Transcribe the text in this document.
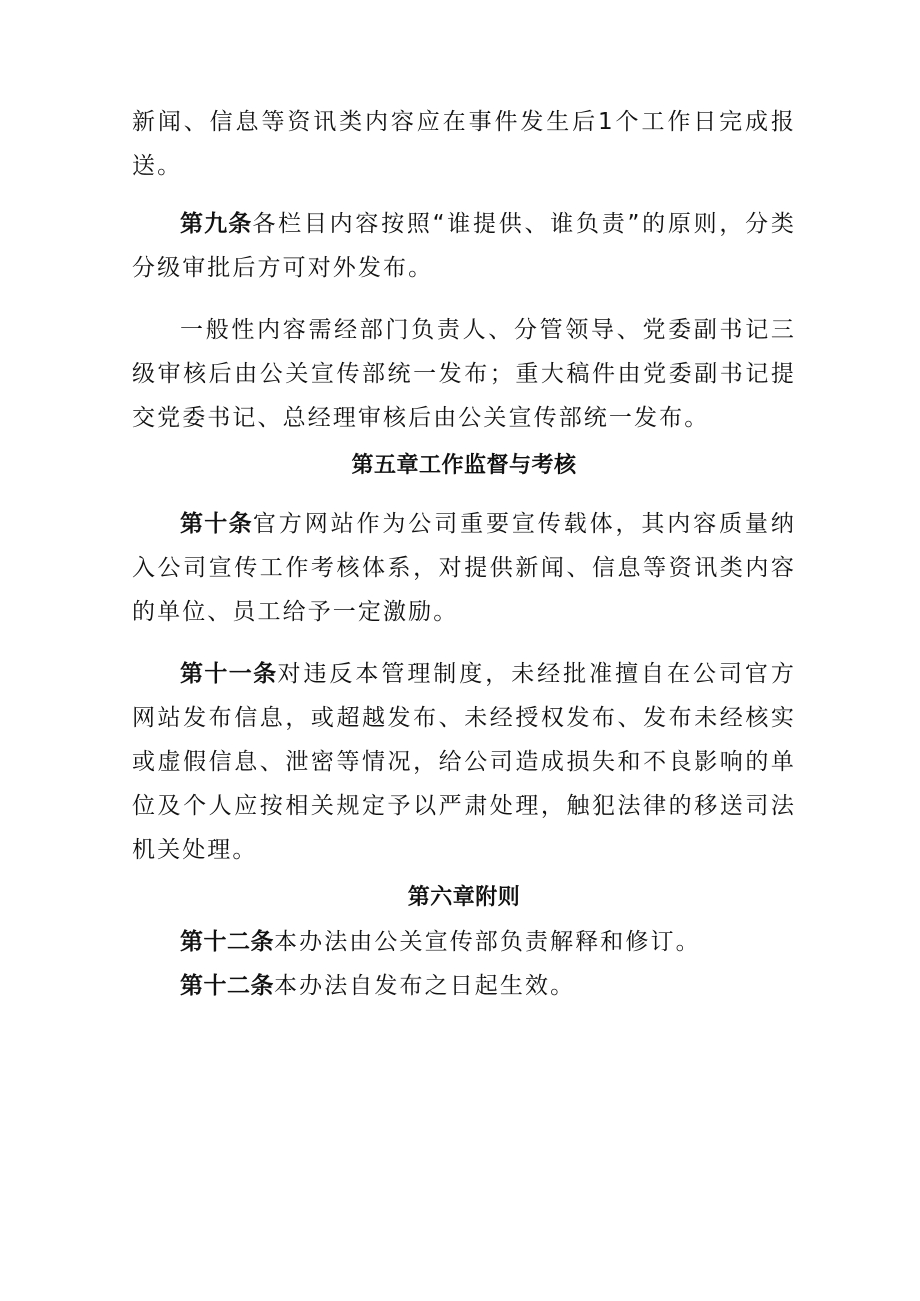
新闻、信息等资讯类内容应在事件发生后1个工作日完成报送。

第九条各栏目内容按照“谁提供、谁负责”的原则，分类分级审批后方可对外发布。

一般性内容需经部门负责人、分管领导、党委副书记三级审核后由公关宣传部统一发布；重大稿件由党委副书记提交党委书记、总经理审核后由公关宣传部统一发布。

第五章工作监督与考核

第十条官方网站作为公司重要宣传载体，其内容质量纳入公司宣传工作考核体系，对提供新闻、信息等资讯类内容的单位、员工给予一定激励。

第十一条对违反本管理制度，未经批准擅自在公司官方网站发布信息，或超越发布、未经授权发布、发布未经核实或虚假信息、泄密等情况，给公司造成损失和不良影响的单位及个人应按相关规定予以严肃处理，触犯法律的移送司法机关处理。

第六章附则

第十二条本办法由公关宣传部负责解释和修订。

第十二条本办法自发布之日起生效。
